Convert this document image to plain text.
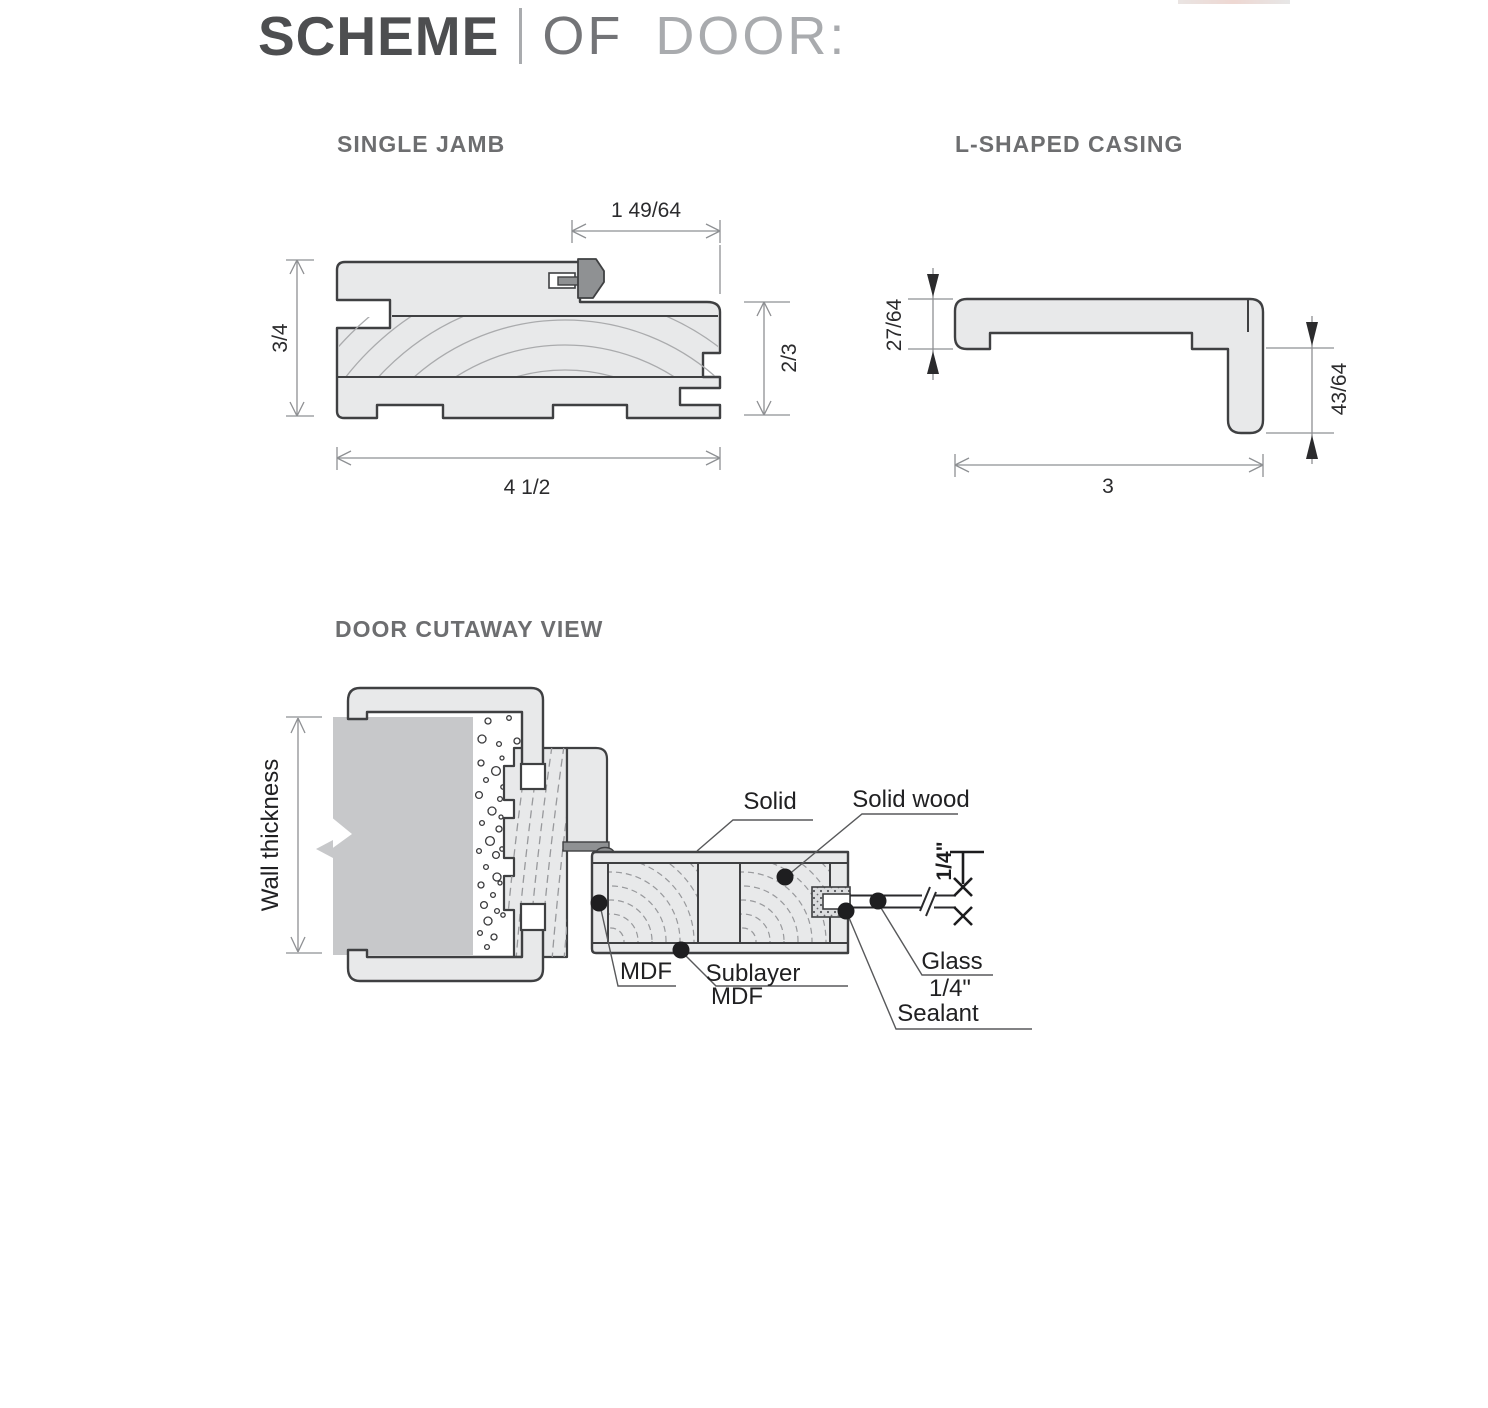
SCHEME OF DOOR:
SINGLE JAMB	L-SHAPED CASING
DOOR CUTAWAY VIEW
1 49/64
3/4
2/3
4 1/2
27/64
43/64
3
Wall thickness	1/4"
Solid Solid wood
MDF Sublayer
MDF
Glass
1/4"
Sealant
